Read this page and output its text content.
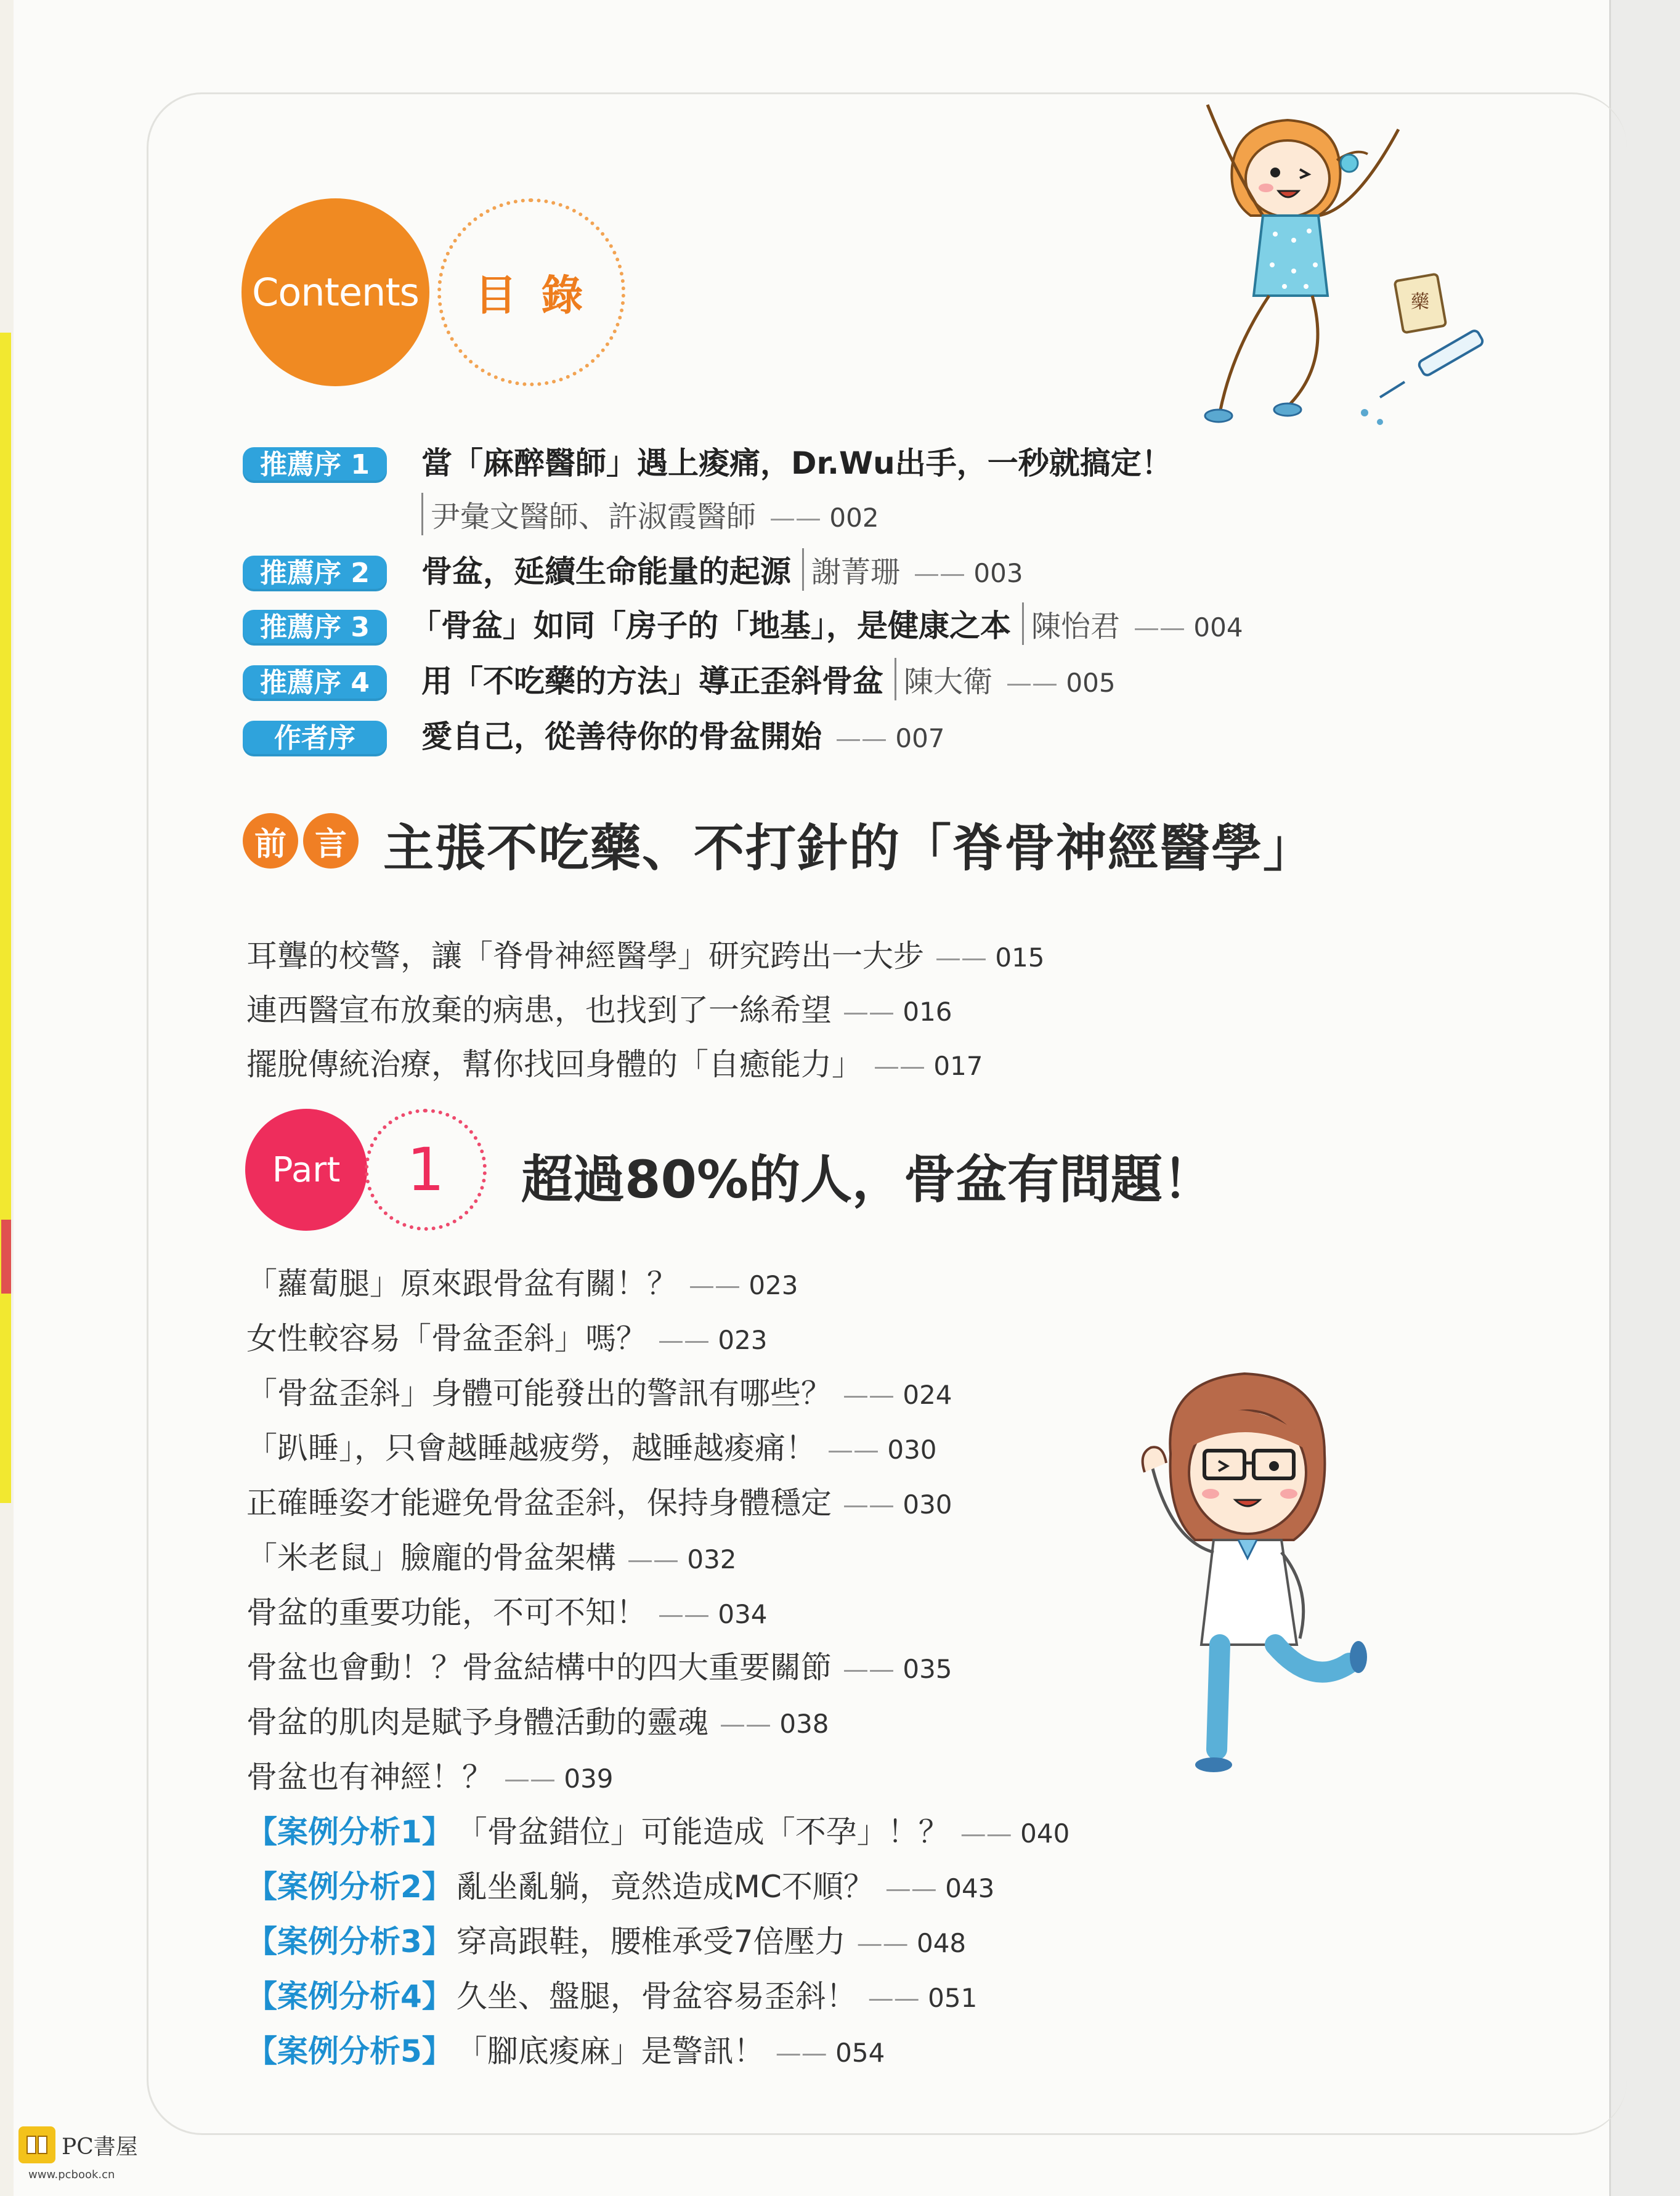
Contents 目 錄	藥
推薦序 1	當「麻醉醫師」遇上痠痛，Dr.Wu出手，一秒就搞定！
尹彙文醫師、許淑霞醫師	—— 002
推薦序 2	骨盆，延續生命能量的起源 謝菁珊	—— 003
推薦序 3	「骨盆」如同「房子的「地基」，是健康之本 陳怡君	—— 004
推薦序 4	用「不吃藥的方法」導正歪斜骨盆 陳大衛	—— 005
作者序	愛自己，從善待你的骨盆開始	—— 007
前 言 主張不吃藥、不打針的「脊骨神經醫學」
耳聾的校警，讓「脊骨神經醫學」研究跨出一大步	—— 015
連西醫宣布放棄的病患，也找到了一絲希望	—— 016
擺脫傳統治療，幫你找回身體的「自癒能力」	—— 017
Part 1 超過80%的人，骨盆有問題！
「蘿蔔腿」原來跟骨盆有關！？	—— 023
女性較容易「骨盆歪斜」嗎？	—— 023
「骨盆歪斜」身體可能發出的警訊有哪些？	—— 024
「趴睡」，只會越睡越疲勞，越睡越痠痛！	—— 030
正確睡姿才能避免骨盆歪斜，保持身體穩定	—— 030
「米老鼠」臉龐的骨盆架構	—— 032
骨盆的重要功能，不可不知！	—— 034
骨盆也會動！？骨盆結構中的四大重要關節	—— 035
骨盆的肌肉是賦予身體活動的靈魂	—— 038
骨盆也有神經！？	—— 039
【案例分析1】 「骨盆錯位」可能造成「不孕」！？	—— 040
【案例分析2】 亂坐亂躺，竟然造成MC不順？	—— 043
【案例分析3】 穿高跟鞋，腰椎承受7倍壓力	—— 048
【案例分析4】 久坐、盤腿，骨盆容易歪斜！	—— 051
【案例分析5】 「腳底痠麻」是警訊！	—— 054
PC書屋
www.pcbook.cn
